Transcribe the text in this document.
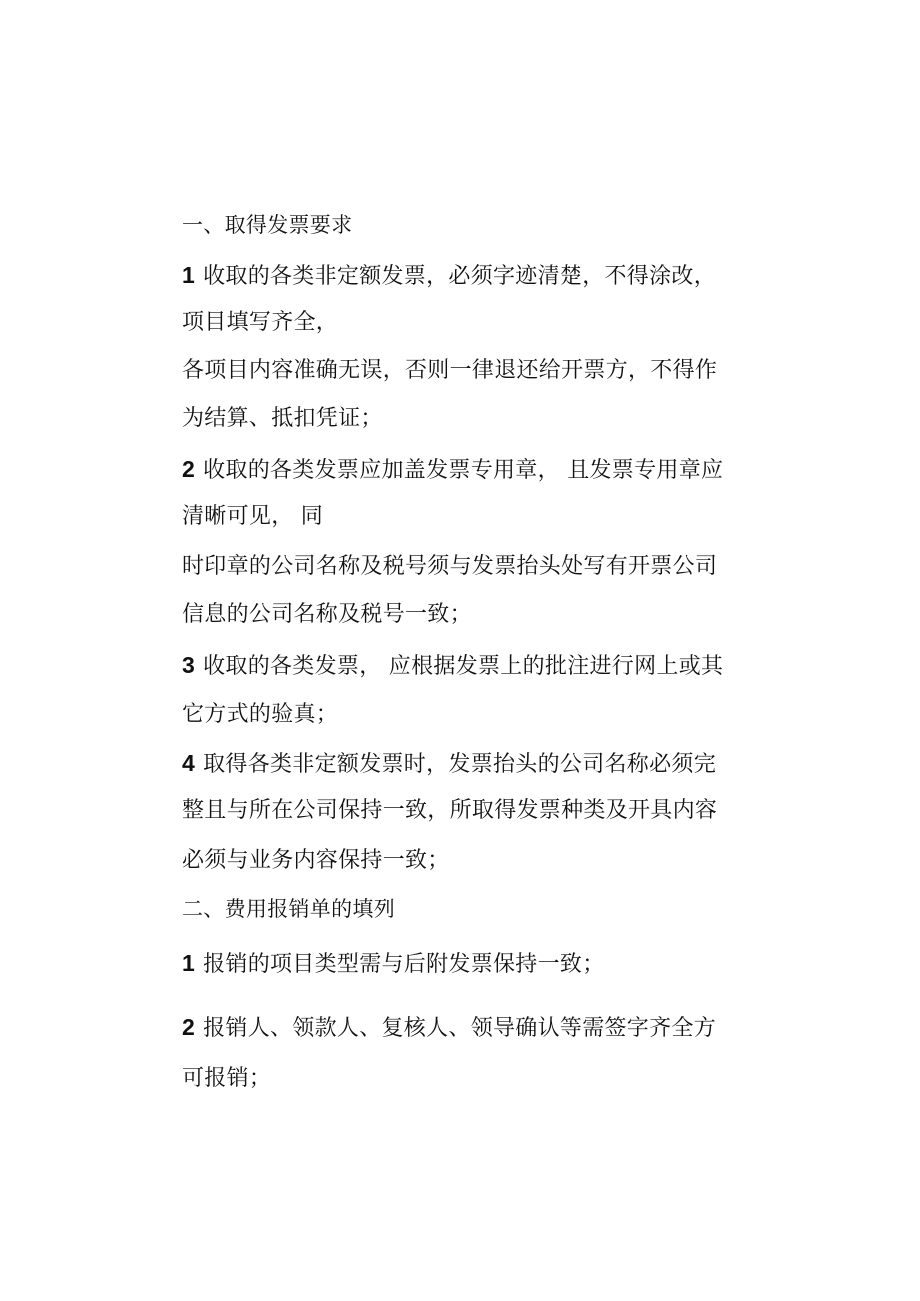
一、取得发票要求
1 收取的各类非定额发票，必须字迹清楚，不得涂改，
项目填写齐全，
各项目内容准确无误，否则一律退还给开票方，不得作
为结算、抵扣凭证；
2 收取的各类发票应加盖发票专用章， 且发票专用章应
清晰可见， 同
时印章的公司名称及税号须与发票抬头处写有开票公司
信息的公司名称及税号一致；
3 收取的各类发票， 应根据发票上的批注进行网上或其
它方式的验真；
4 取得各类非定额发票时，发票抬头的公司名称必须完
整且与所在公司保持一致，所取得发票种类及开具内容
必须与业务内容保持一致；
二、费用报销单的填列
1 报销的项目类型需与后附发票保持一致；
2 报销人、领款人、复核人、领导确认等需签字齐全方
可报销；
